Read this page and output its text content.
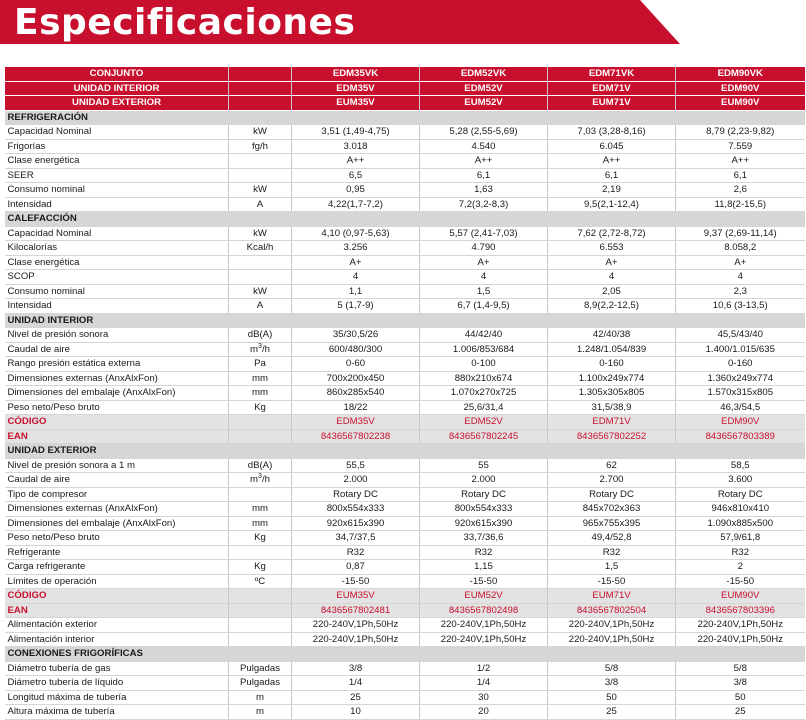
Especificaciones
CONJUNTO		EDM35VK	EDM52VK	EDM71VK	EDM90VK
UNIDAD INTERIOR		EDM35V	EDM52V	EDM71V	EDM90V
UNIDAD EXTERIOR		EUM35V	EUM52V	EUM71V	EUM90V
REFRIGERACIÓN					
Capacidad Nominal	kW	3,51 (1,49-4,75)	5,28 (2,55-5,69)	7,03 (3,28-8,16)	8,79 (2,23-9,82)
Frigorías	fg/h	3.018	4.540	6.045	7.559
Clase energética		A++	A++	A++	A++
SEER		6,5	6,1	6,1	6,1
Consumo nominal	kW	0,95	1,63	2,19	2,6
Intensidad	A	4,22(1,7-7,2)	7,2(3,2-8,3)	9,5(2,1-12,4)	11,8(2-15,5)
CALEFACCIÓN					
Capacidad Nominal	kW	4,10 (0,97-5,63)	5,57 (2,41-7,03)	7,62 (2,72-8,72)	9,37 (2,69-11,14)
Kilocalorías	Kcal/h	3.256	4.790	6.553	8.058,2
Clase energética		A+	A+	A+	A+
SCOP		4	4	4	4
Consumo nominal	kW	1,1	1,5	2,05	2,3
Intensidad	A	5 (1,7-9)	6,7 (1,4-9,5)	8,9(2,2-12,5)	10,6 (3-13,5)
UNIDAD INTERIOR					
Nivel de presión sonora	dB(A)	35/30,5/26	44/42/40	42/40/38	45,5/43/40
Caudal de aire	$m^3/h$	600/480/300	1.006/853/684	1.248/1.054/839	1.400/1.015/635
Rango presión estática externa	Pa	0-60	0-100	0-160	0-160
Dimensiones externas (AnxAlxFon)	mm	700x200x450	880x210x674	1.100x249x774	1.360x249x774
Dimensiones del embalaje (AnxAlxFon)	mm	860x285x540	1.070x270x725	1.305x305x805	1.570x315x805
Peso neto/Peso bruto	Kg	18/22	25,6/31,4	31,5/38,9	46,3/54,5
CÓDIGO		EDM35V	EDM52V	EDM71V	EDM90V
EAN		8436567802238	8436567802245	8436567802252	8436567803389
UNIDAD EXTERIOR					
Nivel de presión sonora a 1 m	dB(A)	55,5	55	62	58,5
Caudal de aire	$m^3/h$	2.000	2.000	2.700	3.600
Tipo de compresor		Rotary DC	Rotary DC	Rotary DC	Rotary DC
Dimensiones externas (AnxAlxFon)	mm	800x554x333	800x554x333	845x702x363	946x810x410
Dimensiones del embalaje (AnxAlxFon)	mm	920x615x390	920x615x390	965x755x395	1.090x885x500
Peso neto/Peso bruto	Kg	34,7/37,5	33,7/36,6	49,4/52,8	57,9/61,8
Refrigerante		R32	R32	R32	R32
Carga refrigerante	Kg	0,87	1,15	1,5	2
Límites de operación	ºC	-15-50	-15-50	-15-50	-15-50
CÓDIGO		EUM35V	EUM52V	EUM71V	EUM90V
EAN		8436567802481	8436567802498	8436567802504	8436567803396
Alimentación exterior		220-240V,1Ph,50Hz	220-240V,1Ph,50Hz	220-240V,1Ph,50Hz	220-240V,1Ph,50Hz
Alimentación interior		220-240V,1Ph,50Hz	220-240V,1Ph,50Hz	220-240V,1Ph,50Hz	220-240V,1Ph,50Hz
CONEXIONES FRIGORÍFICAS					
Diámetro tubería de gas	Pulgadas	3/8	1/2	5/8	5/8
Diámetro tubería de líquido	Pulgadas	1/4	1/4	3/8	3/8
Longitud máxima de tubería	m	25	30	50	50
Altura máxima de tubería	m	10	20	25	25
